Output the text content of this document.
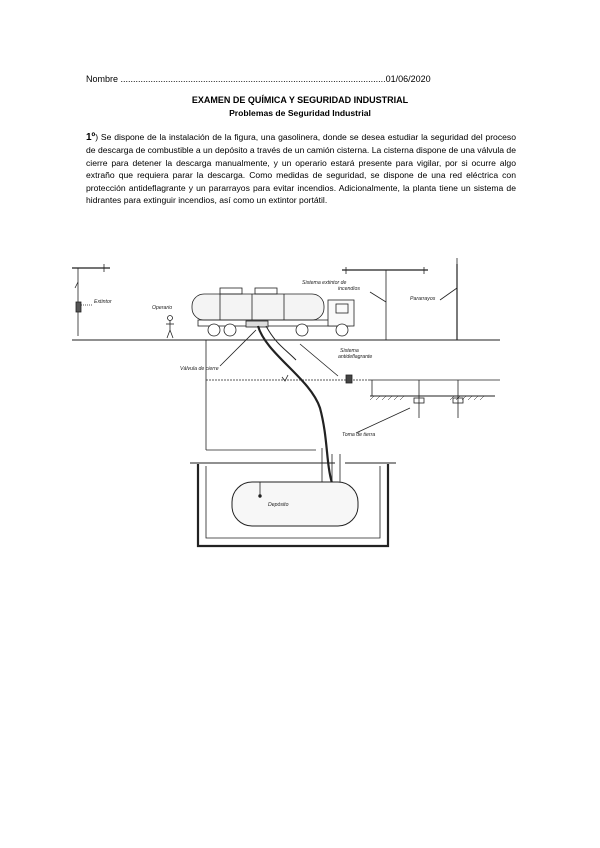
Nombre ..........................................................................................................01/06/2020
EXAMEN DE QUÍMICA Y SEGURIDAD INDUSTRIAL
Problemas de Seguridad Industrial
1º) Se dispone de la instalación de la figura, una gasolinera, donde se desea estudiar la seguridad del proceso de descarga de combustible a un depósito a través de un camión cisterna. La cisterna dispone de una válvula de cierre para detener la descarga manualmente, y un operario estará presente para vigilar, por si ocurre algo extraño que requiera parar la descarga. Como medidas de seguridad, se dispone de una red eléctrica con protección antideflagrante y un pararrayos para evitar incendios. Adicionalmente, la planta tiene un sistema de hidrantes para extinguir incendios, así como un extintor portátil.
Extintor
Operario
Sistema extintor de
incendios
Pararrayos
Válvula de cierre
Sistema
antideflagrante
Toma de tierra
Depósito
